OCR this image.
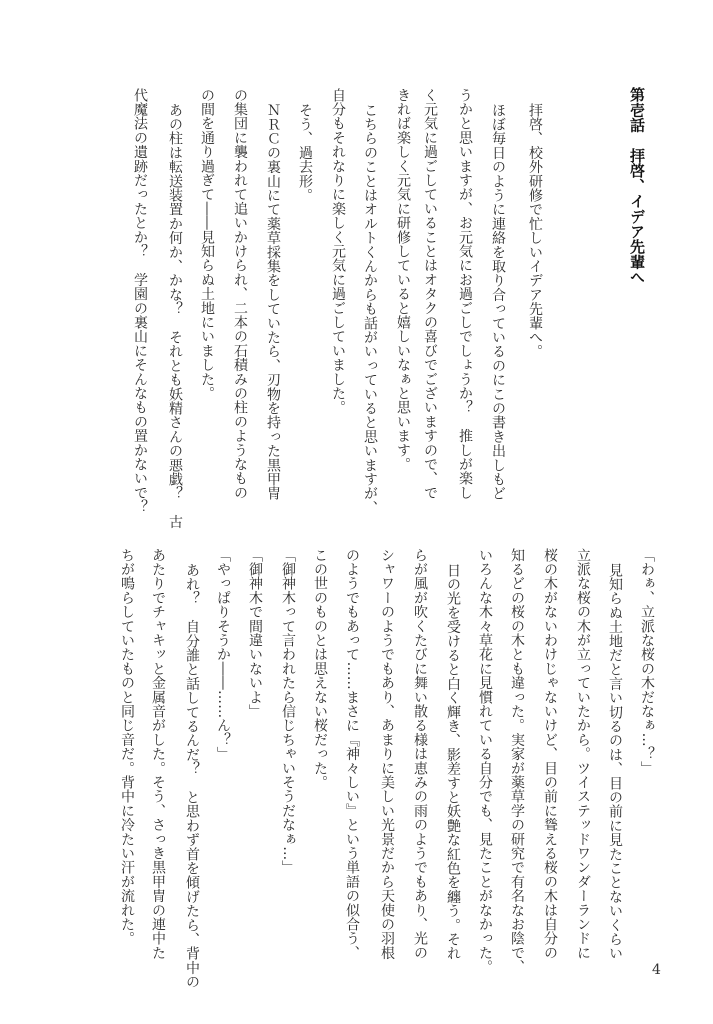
第壱話　拝啓、イデア先輩へ
拝啓、校外研修で忙しいイデア先輩へ。
ほぼ毎日のように連絡を取り合っているのにこの書き出しもど
うかと思いますが、お元気にお過ごしでしょうか？　推しが楽し
く元気に過ごしていることはオタクの喜びでございますので、で
きれば楽しく元気に研修していると嬉しいなぁと思います。
こちらのことはオルトくんからも話がいっていると思いますが、
自分もそれなりに楽しく元気に過ごしていました。
そう、過去形。
ＮＲＣの裏山にて薬草採集をしていたら、刃物を持った黒甲冑
の集団に襲われて追いかけられ、二本の石積みの柱のようなもの
の間を通り過ぎて――見知らぬ土地にいました。
あの柱は転送装置か何か、かな？　それとも妖精さんの悪戯？　古
代魔法の遺跡だったとか？　学園の裏山にそんなもの置かないで？
「わぁ、立派な桜の木だなぁ…？」
見知らぬ土地だと言い切るのは、目の前に見たことないくらい
立派な桜の木が立っていたから。ツイステッドワンダーランドに
桜の木がないわけじゃないけど、目の前に聳える桜の木は自分の
知るどの桜の木とも違った。実家が薬草学の研究で有名なお陰で、
いろんな木々草花に見慣れている自分でも、見たことがなかった。
日の光を受けると白く輝き、影差すと妖艶な紅色を纏う。それ
らが風が吹くたびに舞い散る様は恵みの雨のようでもあり、光の
シャワーのようでもあり、あまりに美しい光景だから天使の羽根
のようでもあって……まさに『神々しい』という単語の似合う、
この世のものとは思えない桜だった。
「御神木って言われたら信じちゃいそうだなぁ…」
「御神木で間違いないよ」
「やっぱりそうか――……ん？」
あれ？　自分誰と話してるんだ？　と思わず首を傾げたら、背中の
あたりでチャキッと金属音がした。そう、さっき黒甲冑の連中た
ちが鳴らしていたものと同じ音だ。背中に冷たい汗が流れた。
4
